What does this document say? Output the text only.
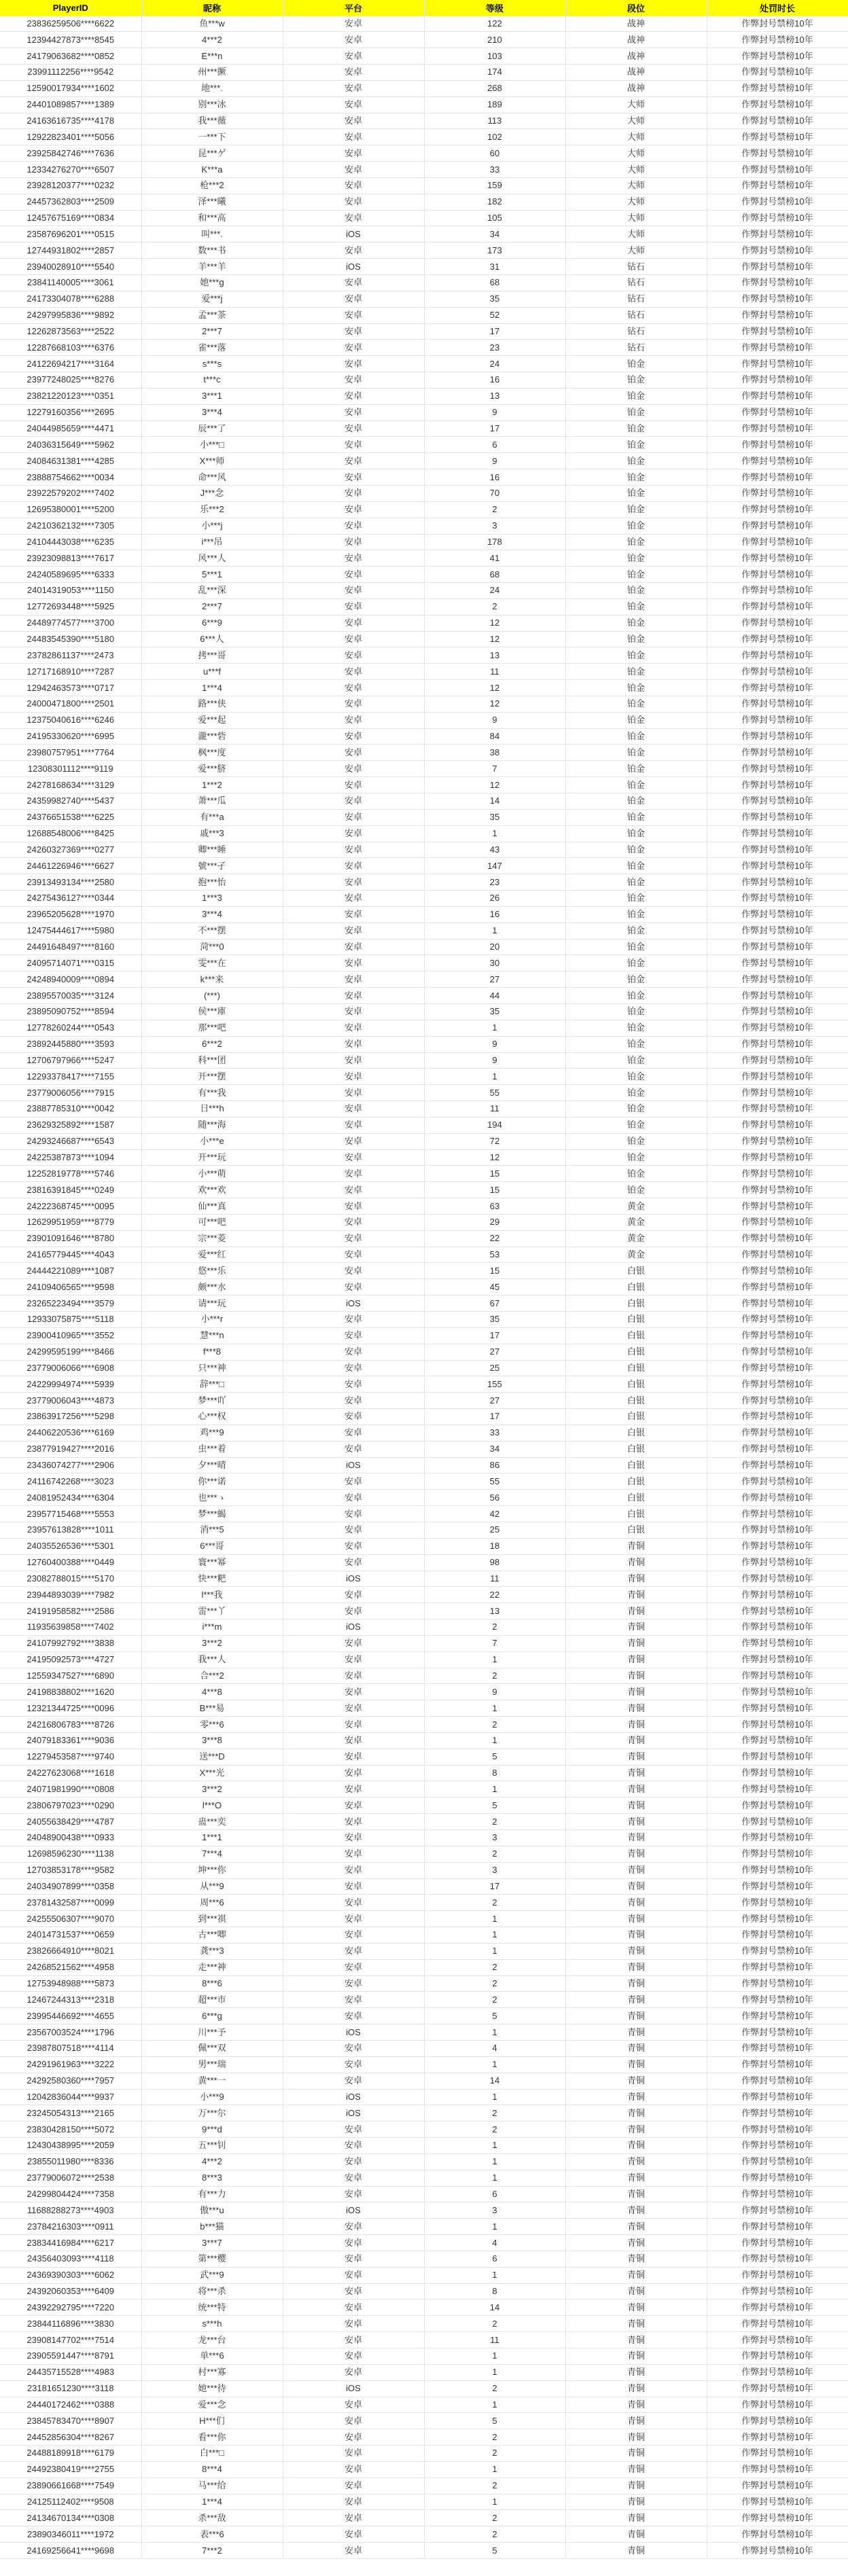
PlayerID	昵称	平台	等级	段位	处罚时长
23836259506****6622	鱼***w	安卓	122	战神	作弊封号禁榜10年
12394427873****8545	4***2	安卓	210	战神	作弊封号禁榜10年
24179063682****0852	E***n	安卓	103	战神	作弊封号禁榜10年
23991112256****9542	州***撅	安卓	174	战神	作弊封号禁榜10年
12590017934****1602	地***.	安卓	268	战神	作弊封号禁榜10年
24401089857****1389	别***冰	安卓	189	大师	作弊封号禁榜10年
24163616735****4178	我***薇	安卓	113	大师	作弊封号禁榜10年
12922823401****5056	一***下	安卓	102	大师	作弊封号禁榜10年
23925842746****7636	昆***ゲ	安卓	60	大师	作弊封号禁榜10年
12334276270****6507	K***a	安卓	33	大师	作弊封号禁榜10年
23928120377****0232	枪***2	安卓	159	大师	作弊封号禁榜10年
24457362803****2509	泽***曦	安卓	182	大师	作弊封号禁榜10年
12457675169****0834	和***高	安卓	105	大师	作弊封号禁榜10年
23587696201****0515	叫***.	iOS	34	大师	作弊封号禁榜10年
12744931802****2857	数***书	安卓	173	大师	作弊封号禁榜10年
23940028910****5540	羊***羊	iOS	31	钻石	作弊封号禁榜10年
23841140005****3061	她***g	安卓	68	钻石	作弊封号禁榜10年
24173304078****6288	爱***j	安卓	35	钻石	作弊封号禁榜10年
24297995836****9892	孟***茶	安卓	52	钻石	作弊封号禁榜10年
12262873563****2522	2***7	安卓	17	钻石	作弊封号禁榜10年
12287668103****6376	雀***落	安卓	23	钻石	作弊封号禁榜10年
24122694217****3164	s***s	安卓	24	铂金	作弊封号禁榜10年
23977248025****8276	t***c	安卓	16	铂金	作弊封号禁榜10年
23821220123****0351	3***1	安卓	13	铂金	作弊封号禁榜10年
12279160356****2695	3***4	安卓	9	铂金	作弊封号禁榜10年
24044985659****4471	辰***了	安卓	17	铂金	作弊封号禁榜10年
24036315649****5962	小***□	安卓	6	铂金	作弊封号禁榜10年
24084631381****4285	X***师	安卓	9	铂金	作弊封号禁榜10年
23888754662****0034	命***风	安卓	16	铂金	作弊封号禁榜10年
23922579202****7402	J***念	安卓	70	铂金	作弊封号禁榜10年
12695380001****5200	乐***2	安卓	2	铂金	作弊封号禁榜10年
24210362132****7305	小***j	安卓	3	铂金	作弊封号禁榜10年
24104443038****6235	i***吊	安卓	178	铂金	作弊封号禁榜10年
23923098813****7617	风***人	安卓	41	铂金	作弊封号禁榜10年
24240589695****6333	5***1	安卓	68	铂金	作弊封号禁榜10年
24014319053****1150	乱***深	安卓	24	铂金	作弊封号禁榜10年
12772693448****5925	2***7	安卓	2	铂金	作弊封号禁榜10年
24489774577****3700	6***9	安卓	12	铂金	作弊封号禁榜10年
24483545390****5180	6***人	安卓	12	铂金	作弊封号禁榜10年
23782861137****2473	拷***哥	安卓	13	铂金	作弊封号禁榜10年
12717168910****7287	u***f	安卓	11	铂金	作弊封号禁榜10年
12942463573****0717	1***4	安卓	12	铂金	作弊封号禁榜10年
24000471800****2501	路***侠	安卓	12	铂金	作弊封号禁榜10年
12375040616****6246	爱***起	安卓	9	铂金	作弊封号禁榜10年
24195330620****6995	瀧***砦	安卓	84	铂金	作弊封号禁榜10年
23980757951****7764	枫***度	安卓	38	铂金	作弊封号禁榜10年
12308301112****9119	爱***脐	安卓	7	铂金	作弊封号禁榜10年
24278168634****3129	1***2	安卓	12	铂金	作弊封号禁榜10年
24359982740****5437	萧***瓜	安卓	14	铂金	作弊封号禁榜10年
24376651538****6225	有***a	安卓	35	铂金	作弊封号禁榜10年
12688548006****8425	戚***3	安卓	1	铂金	作弊封号禁榜10年
24260327369****0277	卿***睡	安卓	43	铂金	作弊封号禁榜10年
24461226946****6627	號***孑	安卓	147	铂金	作弊封号禁榜10年
23913493134****2580	抱***怡	安卓	23	铂金	作弊封号禁榜10年
24275436127****0344	1***3	安卓	26	铂金	作弊封号禁榜10年
23965205628****1970	3***4	安卓	16	铂金	作弊封号禁榜10年
12475444617****5980	不***摆	安卓	1	铂金	作弊封号禁榜10年
24491648497****8160	菏***0	安卓	20	铂金	作弊封号禁榜10年
24095714071****0315	雯***在	安卓	30	铂金	作弊封号禁榜10年
24248940009****0894	k***来	安卓	27	铂金	作弊封号禁榜10年
23895570035****3124	(***)	安卓	44	铂金	作弊封号禁榜10年
23895090752****8594	侯***庫	安卓	35	铂金	作弊封号禁榜10年
12778260244****0543	那***吧	安卓	1	铂金	作弊封号禁榜10年
23892445880****3593	6***2	安卓	9	铂金	作弊封号禁榜10年
12706797966****5247	科***团	安卓	9	铂金	作弊封号禁榜10年
12293378417****7155	开***摆	安卓	1	铂金	作弊封号禁榜10年
23779006056****7915	有***我	安卓	55	铂金	作弊封号禁榜10年
23887785310****0042	日***h	安卓	11	铂金	作弊封号禁榜10年
23629325892****1587	随***海	安卓	194	铂金	作弊封号禁榜10年
24293246687****6543	小***e	安卓	72	铂金	作弊封号禁榜10年
24225387873****1094	开***玩	安卓	12	铂金	作弊封号禁榜10年
12252819778****5746	小***萌	安卓	15	铂金	作弊封号禁榜10年
23816391845****0249	欢***欢	安卓	15	铂金	作弊封号禁榜10年
24222368745****0095	仙***真	安卓	63	黄金	作弊封号禁榜10年
12629951959****8779	可***吧	安卓	29	黄金	作弊封号禁榜10年
23901091646****8780	宗***菱	安卓	22	黄金	作弊封号禁榜10年
24165779445****4043	爱***红	安卓	53	黄金	作弊封号禁榜10年
24444221089****1087	悠***乐	安卓	15	白银	作弊封号禁榜10年
24109406565****9598	颇***水	安卓	45	白银	作弊封号禁榜10年
23265223494****3579	请***玩	iOS	67	白银	作弊封号禁榜10年
12933075875****5118	小***r	安卓	35	白银	作弊封号禁榜10年
23900410965****3552	慧***n	安卓	17	白银	作弊封号禁榜10年
24299595199****8466	f***8	安卓	27	白银	作弊封号禁榜10年
23779006066****6908	只***神	安卓	25	白银	作弊封号禁榜10年
24229994974****5939	辞***□	安卓	155	白银	作弊封号禁榜10年
23779006043****4873	梦***吖	安卓	27	白银	作弊封号禁榜10年
23863917256****5298	心***权	安卓	17	白银	作弊封号禁榜10年
24406220536****6169	鸡***9	安卓	33	白银	作弊封号禁榜10年
23877919427****2016	虫***着	安卓	34	白银	作弊封号禁榜10年
23436074277****2906	夕***晴	iOS	86	白银	作弊封号禁榜10年
24116742268****3023	你***诺	安卓	55	白银	作弊封号禁榜10年
24081952434****6304	也***ゝ	安卓	56	白银	作弊封号禁榜10年
23957715468****5553	梦***蝎	安卓	42	白银	作弊封号禁榜10年
23957613828****1011	消***5	安卓	25	白银	作弊封号禁榜10年
24035526536****5301	6***哥	安卓	18	青铜	作弊封号禁榜10年
12760400388****0449	寰***幂	安卓	98	青铜	作弊封号禁榜10年
23082788015****5170	快***粑	iOS	11	青铜	作弊封号禁榜10年
23944893039****7982	l***我	安卓	22	青铜	作弊封号禁榜10年
24191958582****2586	雷***丫	安卓	13	青铜	作弊封号禁榜10年
11935639858****7402	i***m	iOS	2	青铜	作弊封号禁榜10年
24107992792****3838	3***2	安卓	7	青铜	作弊封号禁榜10年
24195092573****4727	我***人	安卓	1	青铜	作弊封号禁榜10年
12559347527****6890	合***2	安卓	2	青铜	作弊封号禁榜10年
24198838802****1620	4***8	安卓	9	青铜	作弊封号禁榜10年
12321344725****0096	B***易	安卓	1	青铜	作弊封号禁榜10年
24216806783****8726	零***6	安卓	2	青铜	作弊封号禁榜10年
24079183361****9036	3***8	安卓	1	青铜	作弊封号禁榜10年
12279453587****9740	送***D	安卓	5	青铜	作弊封号禁榜10年
24227623068****1618	X***光	安卓	8	青铜	作弊封号禁榜10年
24071981990****0808	3***2	安卓	1	青铜	作弊封号禁榜10年
23806797023****0290	l***O	安卓	5	青铜	作弊封号禁榜10年
24055638429****4787	蛊***奕	安卓	2	青铜	作弊封号禁榜10年
24048900438****0933	1***1	安卓	3	青铜	作弊封号禁榜10年
12698596230****1138	7***4	安卓	2	青铜	作弊封号禁榜10年
12703853178****9582	坤***你	安卓	3	青铜	作弊封号禁榜10年
24034907899****0358	从***9	安卓	17	青铜	作弊封号禁榜10年
23781432587****0099	周***6	安卓	2	青铜	作弊封号禁榜10年
24255506307****9070	到***祺	安卓	1	青铜	作弊封号禁榜10年
24014731537****0659	古***唧	安卓	1	青铜	作弊封号禁榜10年
23826664910****8021	龚***3	安卓	1	青铜	作弊封号禁榜10年
24268521562****4958	走***神	安卓	2	青铜	作弊封号禁榜10年
12753948988****5873	8***6	安卓	2	青铜	作弊封号禁榜10年
12467244313****2318	超***市	安卓	2	青铜	作弊封号禁榜10年
23995446692****4655	6***g	安卓	5	青铜	作弊封号禁榜10年
23567003524****1796	川***予	iOS	1	青铜	作弊封号禁榜10年
23987807518****4114	佩***双	安卓	4	青铜	作弊封号禁榜10年
24291961963****3222	男***瑞	安卓	1	青铜	作弊封号禁榜10年
24292580360****7957	黄***一	安卓	14	青铜	作弊封号禁榜10年
12042836044****9937	小***9	iOS	1	青铜	作弊封号禁榜10年
23245054313****2165	万***尔	iOS	2	青铜	作弊封号禁榜10年
23830428150****5072	9***d	安卓	2	青铜	作弊封号禁榜10年
12430438995****2059	五***钊	安卓	1	青铜	作弊封号禁榜10年
23855011980****8336	4***2	安卓	1	青铜	作弊封号禁榜10年
23779006072****2538	8***3	安卓	1	青铜	作弊封号禁榜10年
24299804424****7358	有***力	安卓	6	青铜	作弊封号禁榜10年
11688288273****4903	傲***u	iOS	3	青铜	作弊封号禁榜10年
23784216303****0911	b***猫	安卓	1	青铜	作弊封号禁榜10年
23834416984****6217	3***7	安卓	4	青铜	作弊封号禁榜10年
24356403093****4118	第***樱	安卓	6	青铜	作弊封号禁榜10年
24369390303****6062	武***9	安卓	1	青铜	作弊封号禁榜10年
24392060353****6409	将***杀	安卓	8	青铜	作弊封号禁榜10年
24392292795****7220	统***特	安卓	14	青铜	作弊封号禁榜10年
23844116896****3830	s***h	安卓	2	青铜	作弊封号禁榜10年
23908147702****7514	龙***台	安卓	11	青铜	作弊封号禁榜10年
23905591447****8791	单***6	安卓	1	青铜	作弊封号禁榜10年
24435715528****4983	村***寡	安卓	1	青铜	作弊封号禁榜10年
23181651230****3118	她***待	iOS	2	青铜	作弊封号禁榜10年
24440172462****0388	爱***念	安卓	1	青铜	作弊封号禁榜10年
23845783470****8907	H***们	安卓	5	青铜	作弊封号禁榜10年
24452856304****8267	看***你	安卓	2	青铜	作弊封号禁榜10年
24488189918****6179	白***□	安卓	2	青铜	作弊封号禁榜10年
24492380419****2755	8***4	安卓	1	青铜	作弊封号禁榜10年
23890661668****7549	马***给	安卓	2	青铜	作弊封号禁榜10年
24125112402****9508	1***4	安卓	1	青铜	作弊封号禁榜10年
24134670134****0308	杀***敌	安卓	2	青铜	作弊封号禁榜10年
23890346011****1972	表***6	安卓	2	青铜	作弊封号禁榜10年
24169256641****9698	7***2	安卓	5	青铜	作弊封号禁榜10年
